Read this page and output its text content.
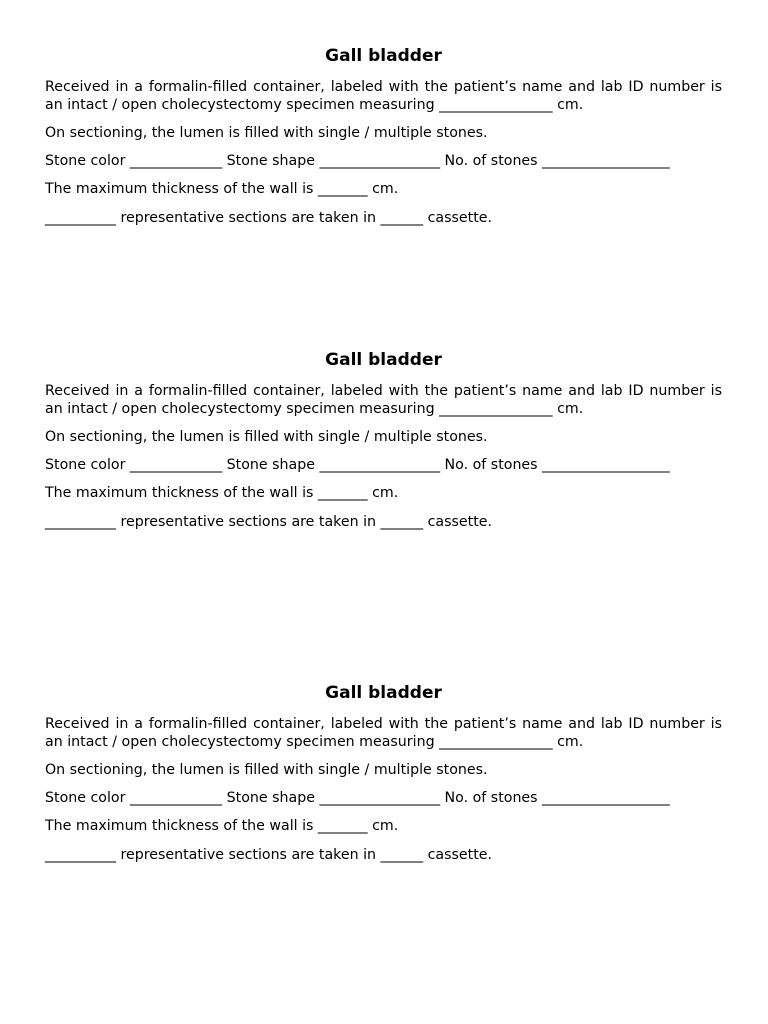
Gall bladder

Received in a formalin-filled container, labeled with the patient’s name and lab ID number is an intact / open cholecystectomy specimen measuring ________________ cm.

On sectioning, the lumen is filled with single / multiple stones.

Stone color _____________ Stone shape _________________ No. of stones __________________

The maximum thickness of the wall is _______ cm.

__________ representative sections are taken in ______ cassette.

Gall bladder

Received in a formalin-filled container, labeled with the patient’s name and lab ID number is an intact / open cholecystectomy specimen measuring ________________ cm.

On sectioning, the lumen is filled with single / multiple stones.

Stone color _____________ Stone shape _________________ No. of stones __________________

The maximum thickness of the wall is _______ cm.

__________ representative sections are taken in ______ cassette.

Gall bladder

Received in a formalin-filled container, labeled with the patient’s name and lab ID number is an intact / open cholecystectomy specimen measuring ________________ cm.

On sectioning, the lumen is filled with single / multiple stones.

Stone color _____________ Stone shape _________________ No. of stones __________________

The maximum thickness of the wall is _______ cm.

__________ representative sections are taken in ______ cassette.
